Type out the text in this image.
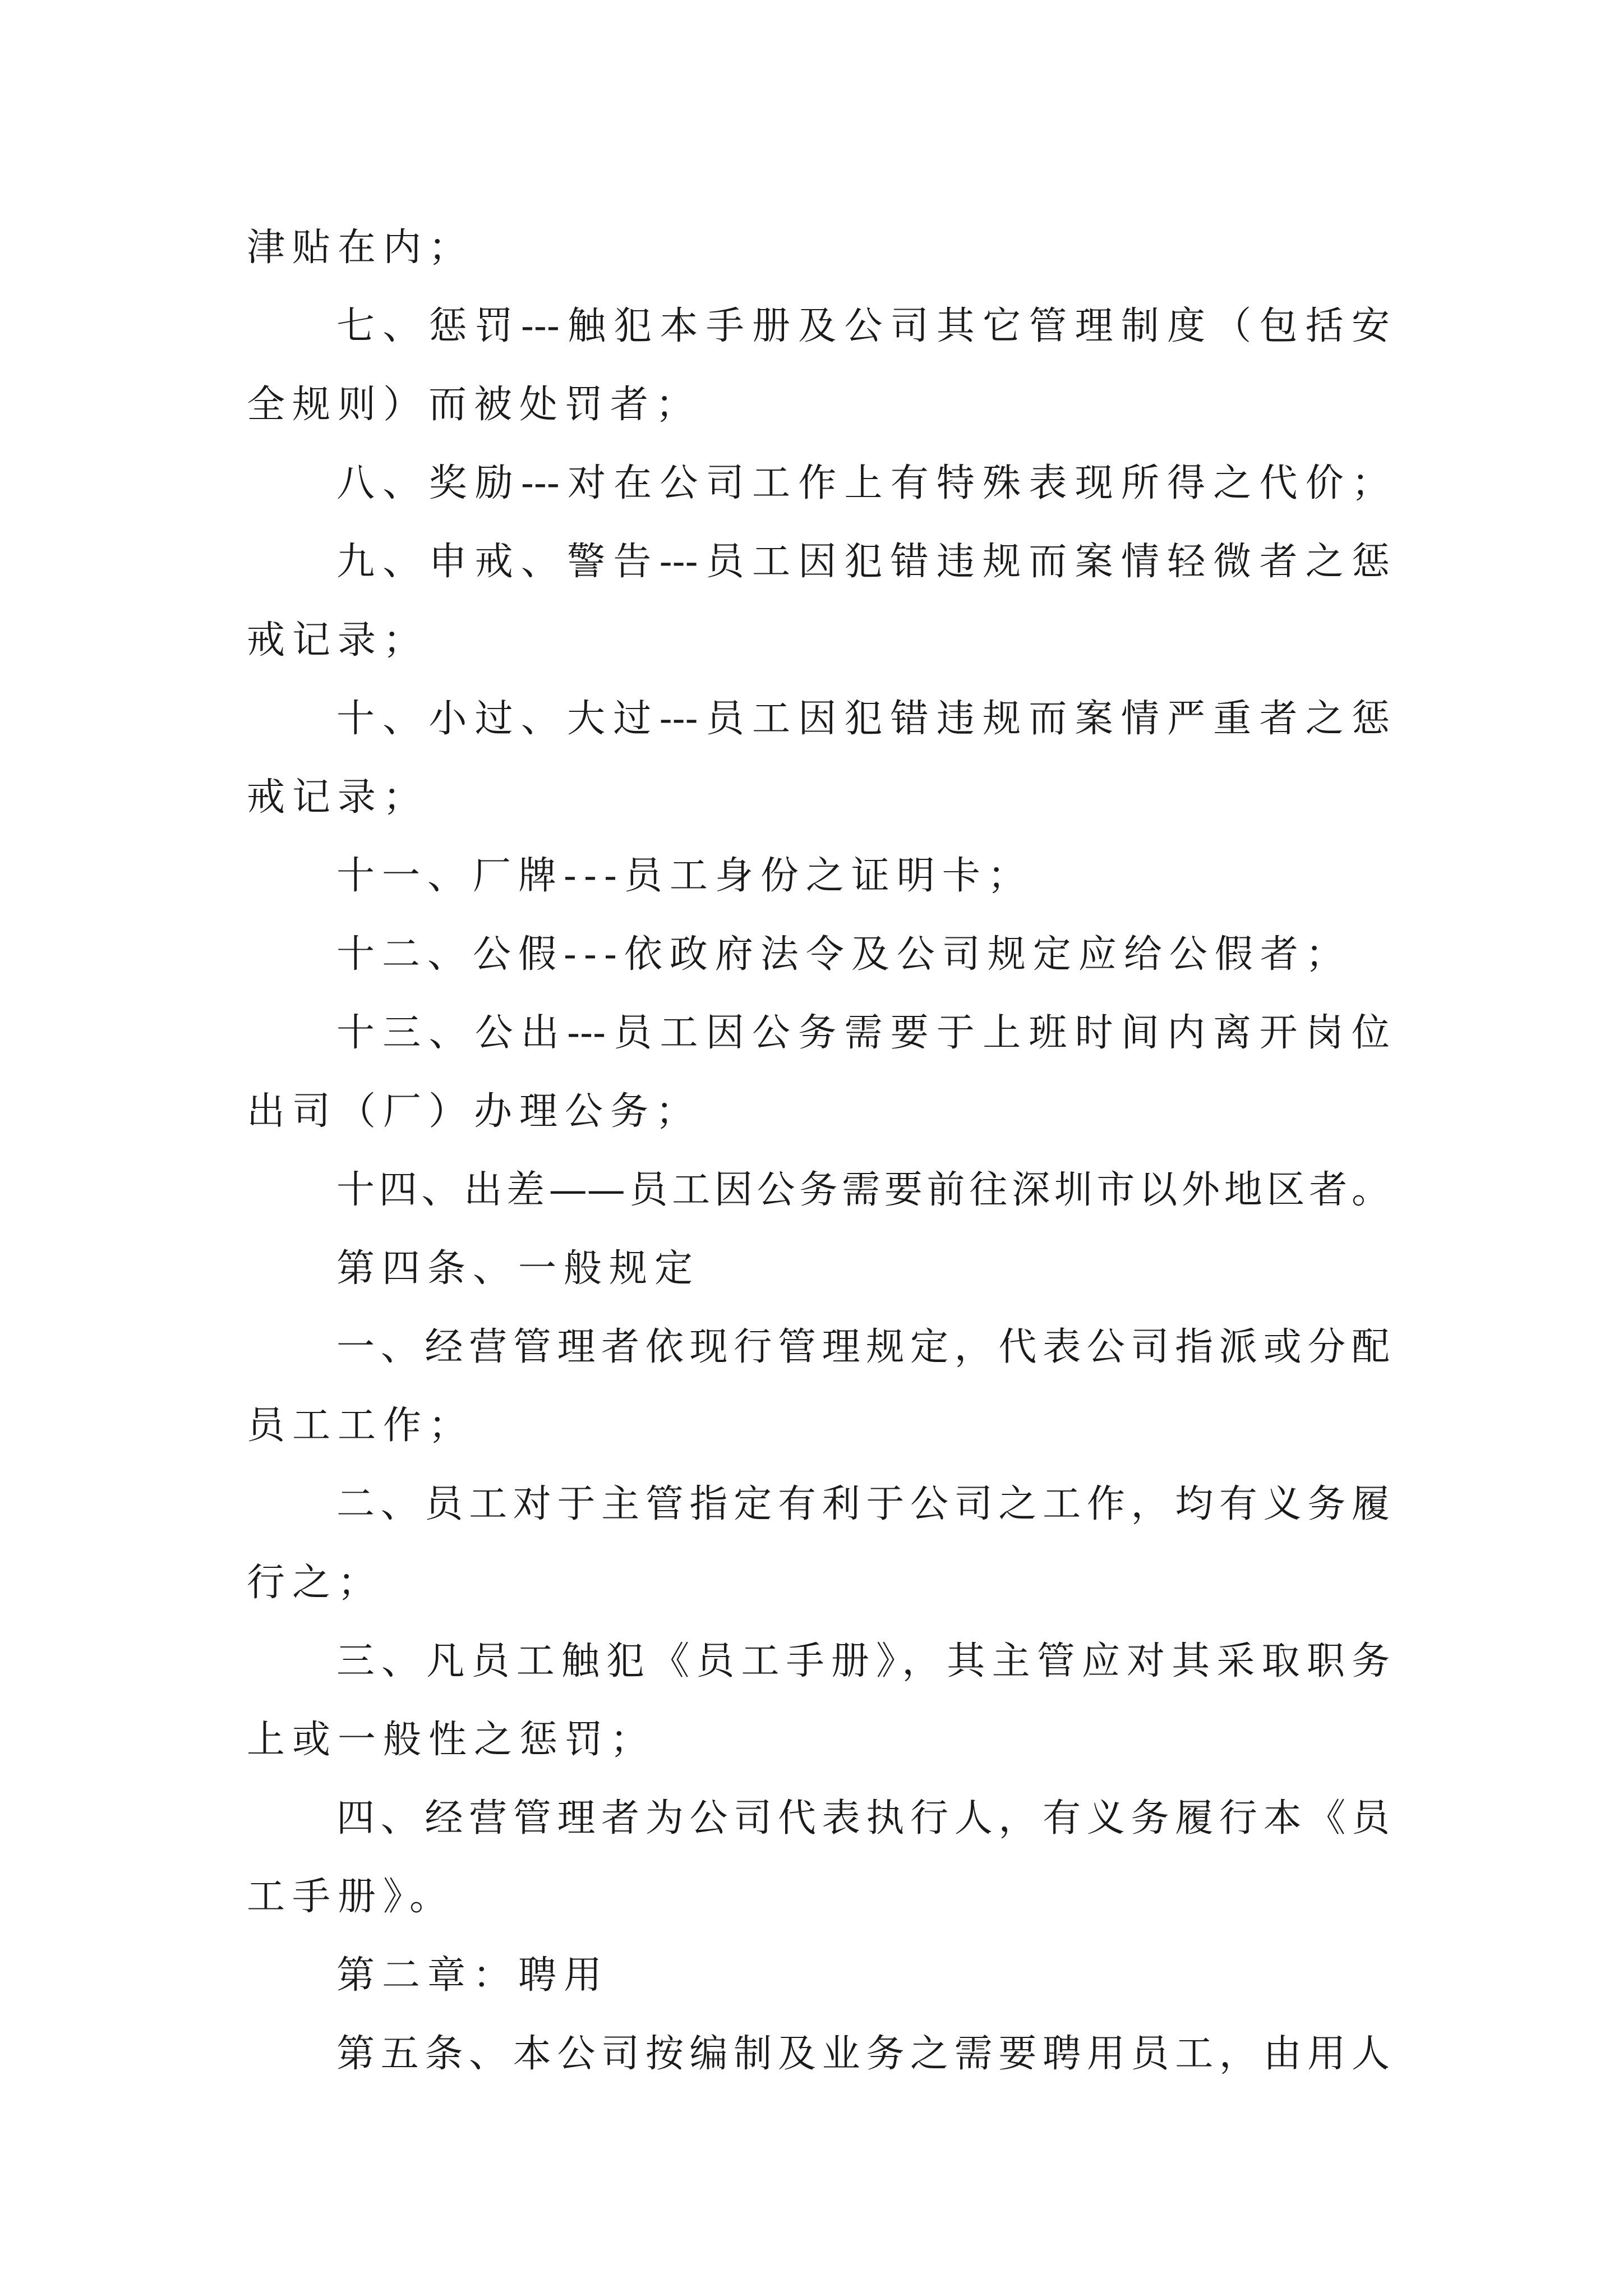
津贴在内；
七、惩罚---触犯本手册及公司其它管理制度（包括安
全规则）而被处罚者；
八、奖励---对在公司工作上有特殊表现所得之代价；
九、申戒、警告---员工因犯错违规而案情轻微者之惩
戒记录；
十、小过、大过---员工因犯错违规而案情严重者之惩
戒记录；
十一、厂牌---员工身份之证明卡；
十二、公假---依政府法令及公司规定应给公假者；
十三、公出---员工因公务需要于上班时间内离开岗位
出司（厂）办理公务；
十四、出差——员工因公务需要前往深圳市以外地区者。
第四条、一般规定
一、经营管理者依现行管理规定，代表公司指派或分配
员工工作；
二、员工对于主管指定有利于公司之工作，均有义务履
行之；
三、凡员工触犯《员工手册》，其主管应对其采取职务
上或一般性之惩罚；
四、经营管理者为公司代表执行人，有义务履行本《员
工手册》。
第二章：聘用
第五条、本公司按编制及业务之需要聘用员工，由用人
